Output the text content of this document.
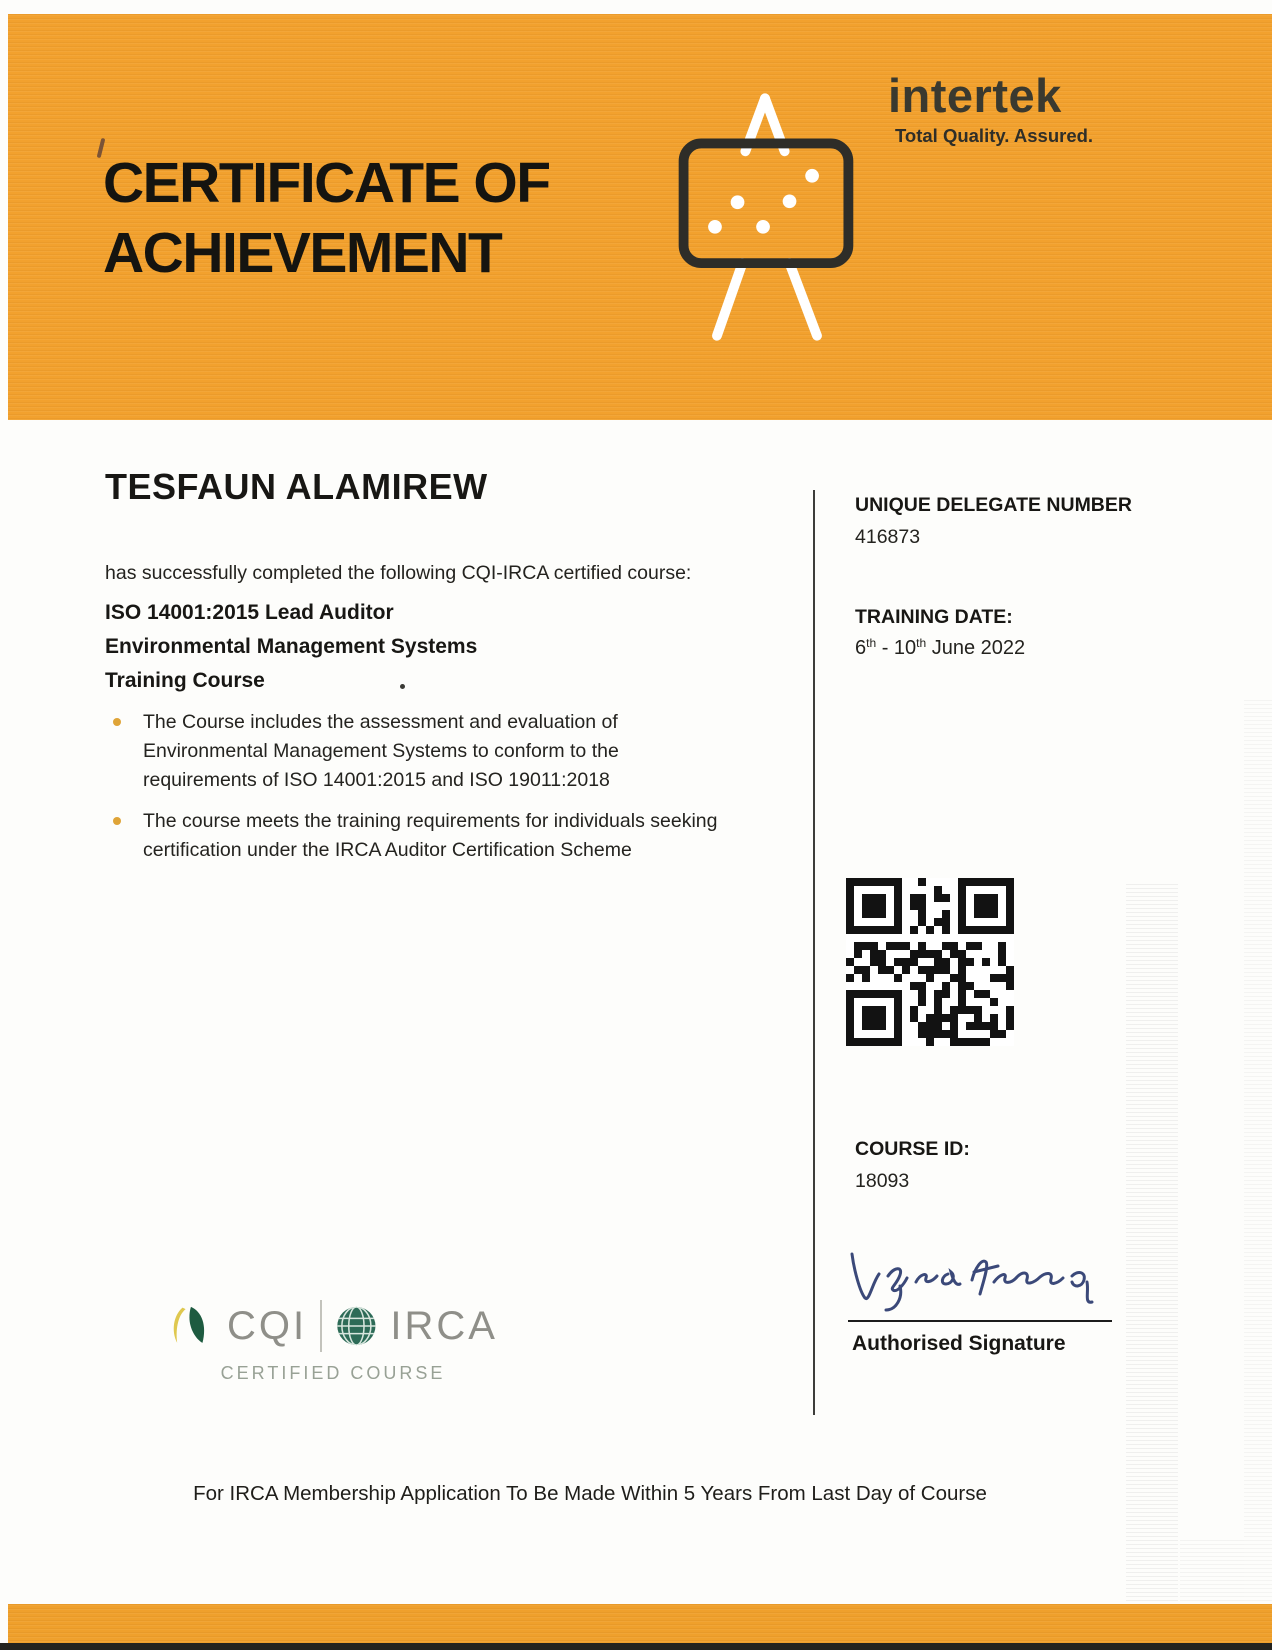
CERTIFICATE OF
ACHIEVEMENT
intertek
Total Quality. Assured.
TESFAUN ALAMIREW
has successfully completed the following CQI-IRCA certified course:
ISO 14001:2015 Lead Auditor
Environmental Management Systems
Training Course
The Course includes the assessment and evaluation of Environmental Management Systems to conform to the requirements of ISO 14001:2015 and ISO 19011:2018
The course meets the training requirements for individuals seeking certification under the IRCA Auditor Certification Scheme
UNIQUE DELEGATE NUMBER
416873
TRAINING DATE:
6th - 10th June 2022
COURSE ID:
18093
Authorised Signature
CQI IRCA
CERTIFIED COURSE
For IRCA Membership Application To Be Made Within 5 Years From Last Day of Course
